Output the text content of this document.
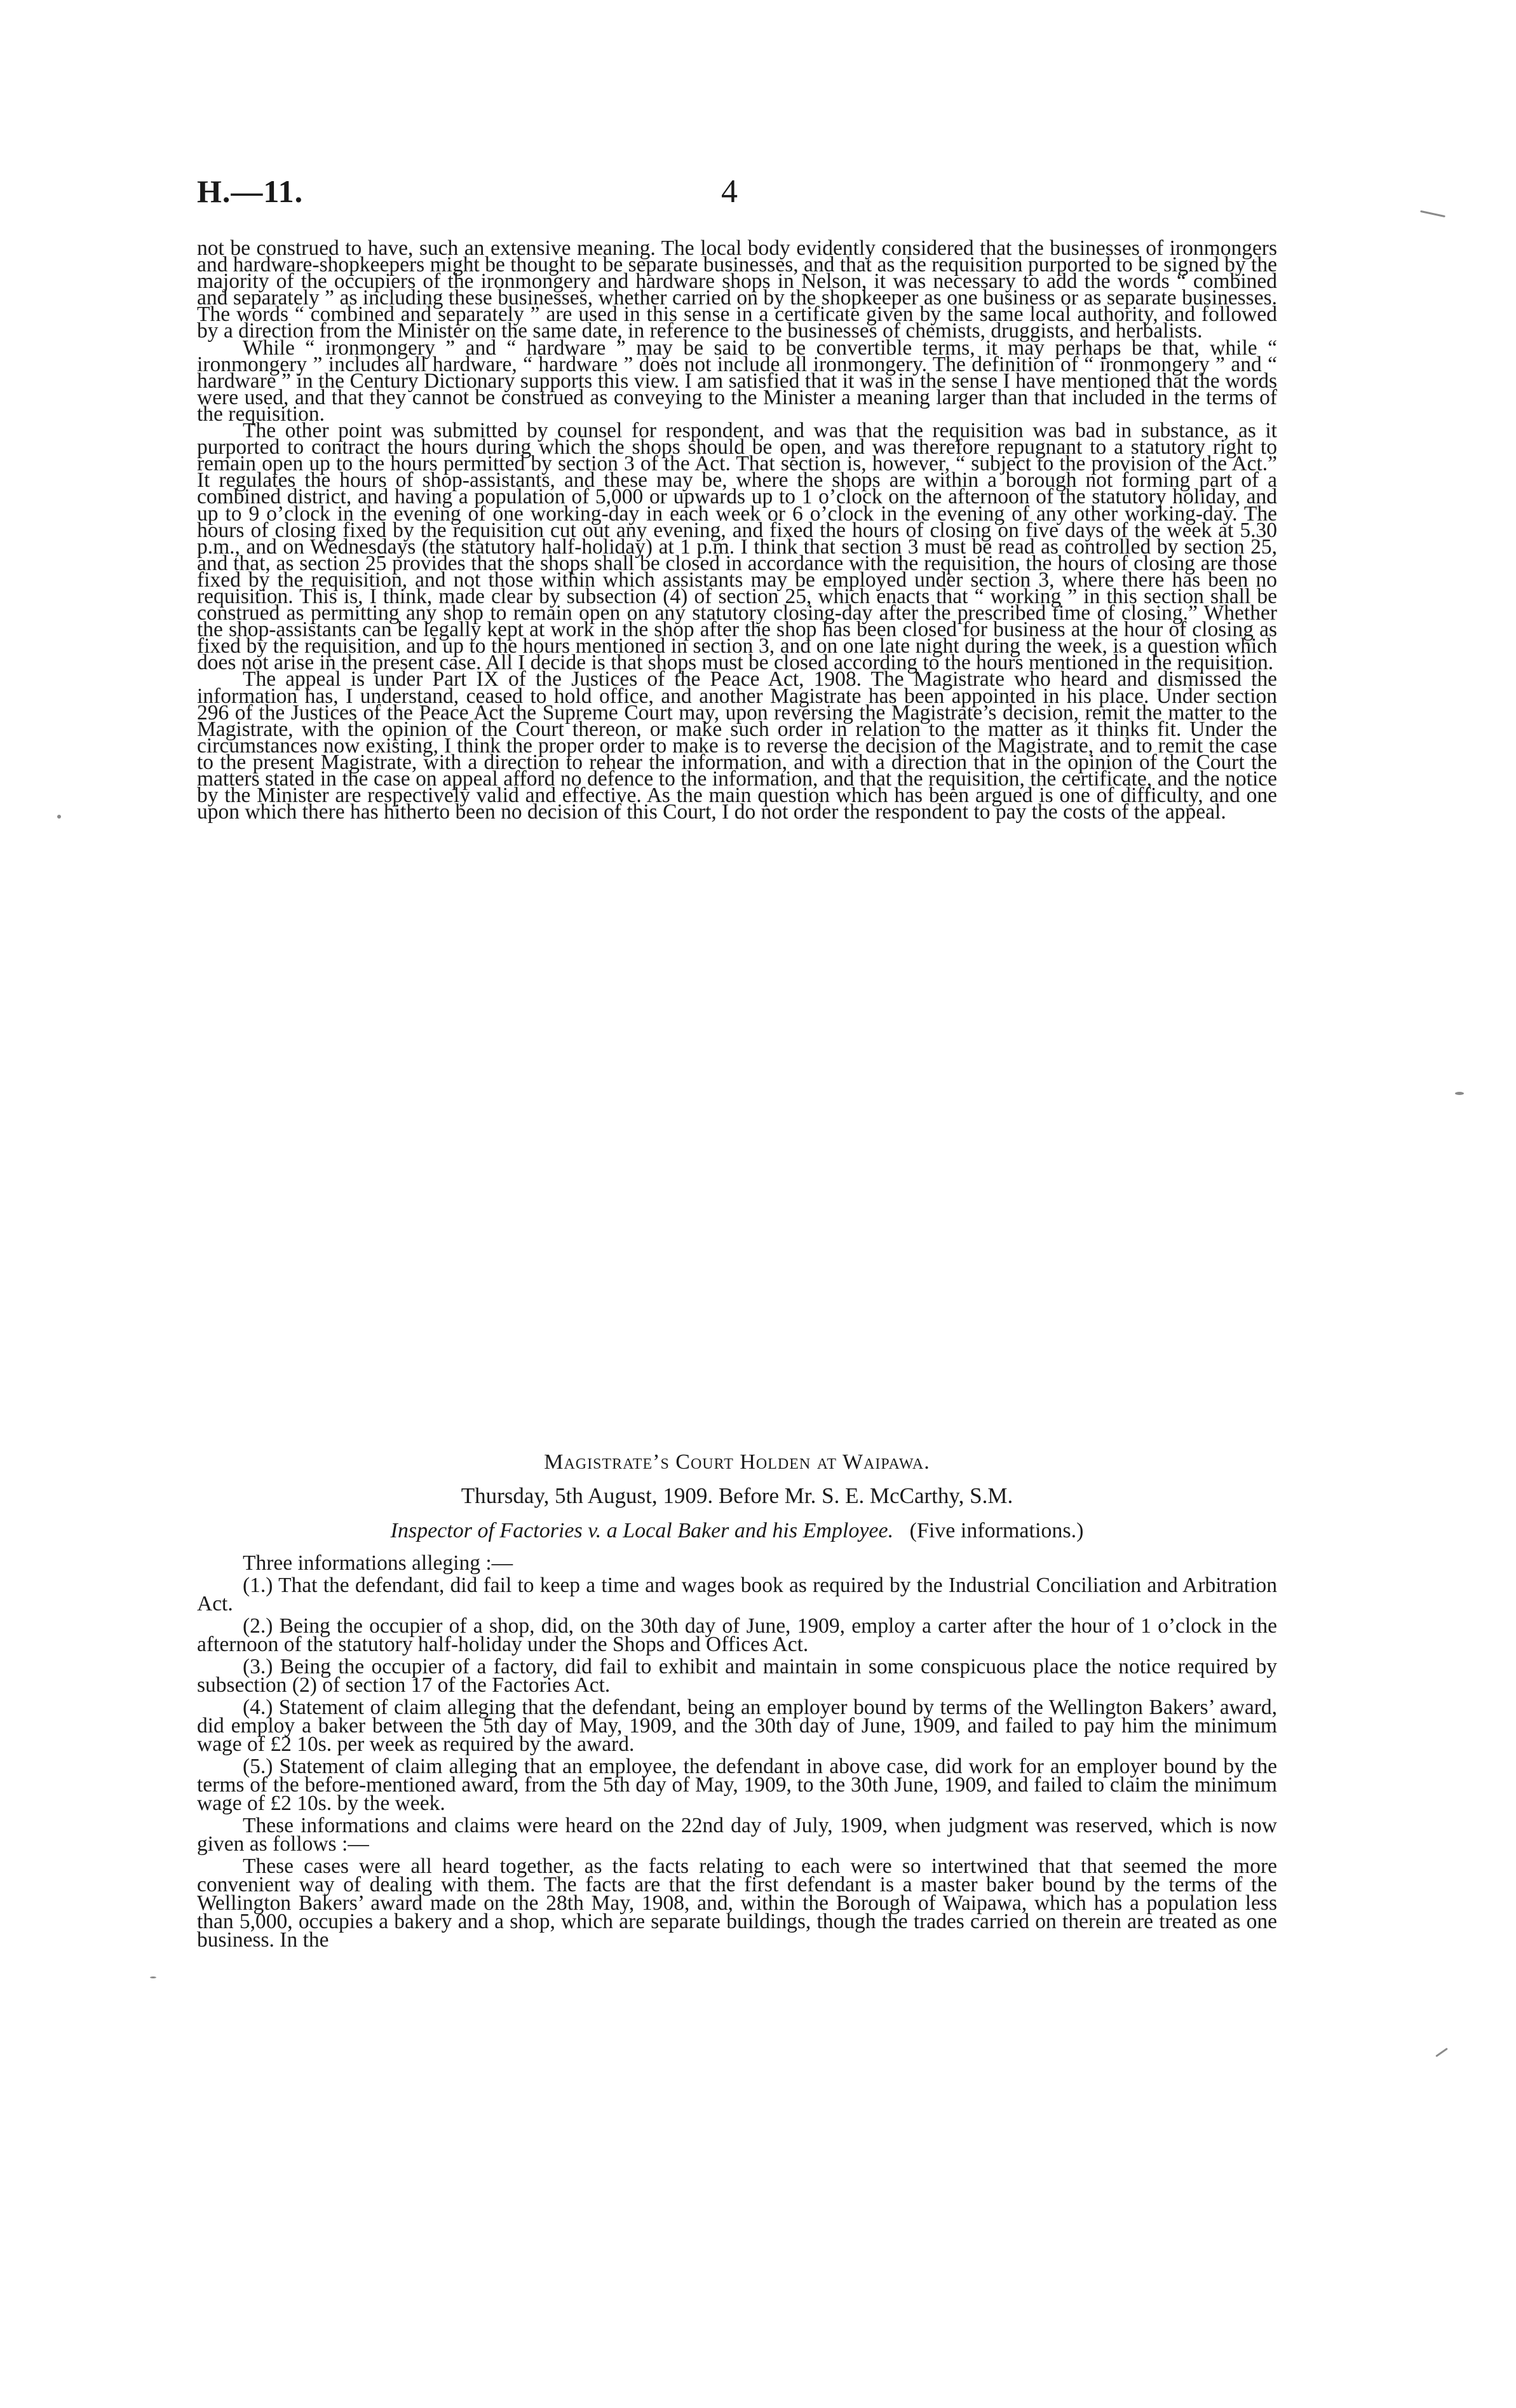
H.—11.	4

not be construed to have, such an extensive meaning. The local body evidently considered that the businesses of ironmongers and hardware-shopkeepers might be thought to be separate businesses, and that as the requisition purported to be signed by the majority of the occupiers of the ironmongery and hardware shops in Nelson, it was necessary to add the words “ combined and separately ” as including these businesses, whether carried on by the shopkeeper as one business or as separate businesses. The words “ combined and separately ” are used in this sense in a certificate given by the same local authority, and followed by a direction from the Minister on the same date, in reference to the businesses of chemists, druggists, and herbalists.

While “ ironmongery ” and “ hardware ” may be said to be convertible terms, it may perhaps be that, while “ ironmongery ” includes all hardware, “ hardware ” does not include all ironmongery. The definition of “ ironmongery ” and “ hardware ” in the Century Dictionary supports this view. I am satisfied that it was in the sense I have mentioned that the words were used, and that they cannot be construed as conveying to the Minister a meaning larger than that included in the terms of the requisition.

The other point was submitted by counsel for respondent, and was that the requisition was bad in substance, as it purported to contract the hours during which the shops should be open, and was therefore repugnant to a statutory right to remain open up to the hours permitted by section 3 of the Act. That section is, however, “ subject to the provision of the Act.” It regulates the hours of shop-assistants, and these may be, where the shops are within a borough not forming part of a combined district, and having a population of 5,000 or upwards up to 1 o’clock on the afternoon of the statutory holiday, and up to 9 o’clock in the evening of one working-day in each week or 6 o’clock in the evening of any other working-day. The hours of closing fixed by the requisition cut out any evening, and fixed the hours of closing on five days of the week at 5.30 p.m., and on Wednesdays (the statutory half-holiday) at 1 p.m. I think that section 3 must be read as controlled by section 25, and that, as section 25 provides that the shops shall be closed in accordance with the requisition, the hours of closing are those fixed by the requisition, and not those within which assistants may be employed under section 3, where there has been no requisition. This is, I think, made clear by subsection (4) of section 25, which enacts that “ working ” in this section shall be construed as permitting any shop to remain open on any statutory closing-day after the prescribed time of closing.” Whether the shop-assistants can be legally kept at work in the shop after the shop has been closed for business at the hour of closing as fixed by the requisition, and up to the hours mentioned in section 3, and on one late night during the week, is a question which does not arise in the present case. All I decide is that shops must be closed according to the hours mentioned in the requisition.

The appeal is under Part IX of the Justices of the Peace Act, 1908. The Magistrate who heard and dismissed the information has, I understand, ceased to hold office, and another Magistrate has been appointed in his place. Under section 296 of the Justices of the Peace Act the Supreme Court may, upon reversing the Magistrate’s decision, remit the matter to the Magistrate, with the opinion of the Court thereon, or make such order in relation to the matter as it thinks fit. Under the circumstances now existing, I think the proper order to make is to reverse the decision of the Magistrate, and to remit the case to the present Magistrate, with a direction to rehear the information, and with a direction that in the opinion of the Court the matters stated in the case on appeal afford no defence to the information, and that the requisition, the certificate, and the notice by the Minister are respectively valid and effective. As the main question which has been argued is one of difficulty, and one upon which there has hitherto been no decision of this Court, I do not order the respondent to pay the costs of the appeal.

Magistrate’s Court Holden at Waipawa.
Thursday, 5th August, 1909. Before Mr. S. E. McCarthy, S.M.
Inspector of Factories v. a Local Baker and his Employee. (Five informations.)

Three informations alleging :—

(1.) That the defendant, did fail to keep a time and wages book as required by the Industrial Conciliation and Arbitration Act.

(2.) Being the occupier of a shop, did, on the 30th day of June, 1909, employ a carter after the hour of 1 o’clock in the afternoon of the statutory half-holiday under the Shops and Offices Act.

(3.) Being the occupier of a factory, did fail to exhibit and maintain in some conspicuous place the notice required by subsection (2) of section 17 of the Factories Act.

(4.) Statement of claim alleging that the defendant, being an employer bound by terms of the Wellington Bakers’ award, did employ a baker between the 5th day of May, 1909, and the 30th day of June, 1909, and failed to pay him the minimum wage of £2 10s. per week as required by the award.

(5.) Statement of claim alleging that an employee, the defendant in above case, did work for an employer bound by the terms of the before-mentioned award, from the 5th day of May, 1909, to the 30th June, 1909, and failed to claim the minimum wage of £2 10s. by the week.

These informations and claims were heard on the 22nd day of July, 1909, when judgment was reserved, which is now given as follows :—

These cases were all heard together, as the facts relating to each were so intertwined that that seemed the more convenient way of dealing with them. The facts are that the first defendant is a master baker bound by the terms of the Wellington Bakers’ award made on the 28th May, 1908, and, within the Borough of Waipawa, which has a population less than 5,000, occupies a bakery and a shop, which are separate buildings, though the trades carried on therein are treated as one business. In the
